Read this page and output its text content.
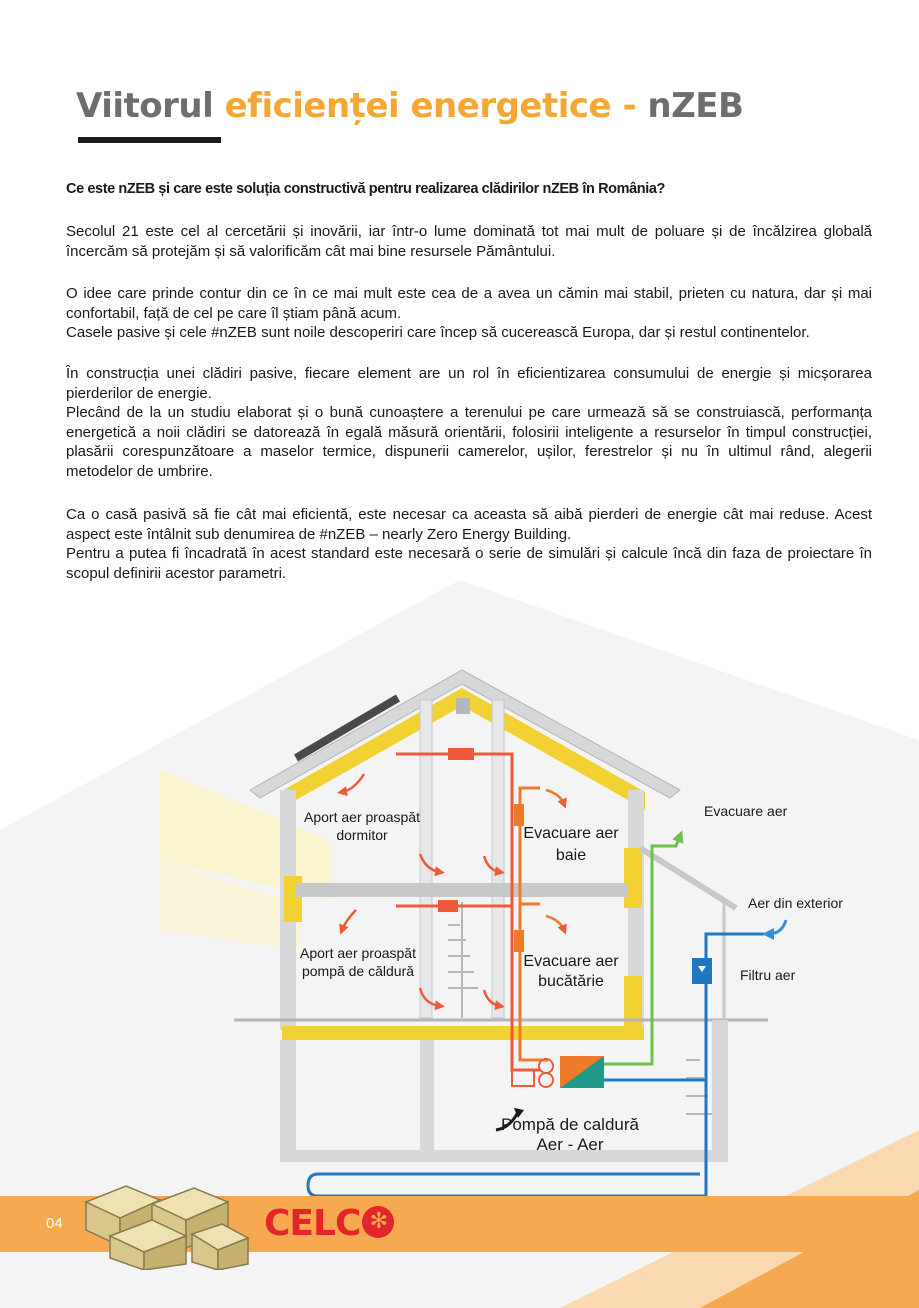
Viitorul eficienței energetice - nZEB
Ce este nZEB și care este soluția constructivă pentru realizarea clădirilor nZEB în România?

Secolul 21 este cel al cercetării și inovării, iar într-o lume dominată tot mai mult de poluare și de încălzirea globală încercăm să protejăm și să valorificăm cât mai bine resursele Pământului.

O idee care prinde contur din ce în ce mai mult este cea de a avea un cămin mai stabil, prieten cu natura, dar și mai confortabil, față de cel pe care îl știam până acum.

Casele pasive și cele #nZEB sunt noile descoperiri care încep să cucerească Europa, dar și restul continentelor.

În construcția unei clădiri pasive, fiecare element are un rol în eficientizarea consumului de energie și micșorarea pierderilor de energie.

Plecând de la un studiu elaborat și o bună cunoaștere a terenului pe care urmează să se construiască, performanța energetică a noii clădiri se datorează în egală măsură orientării, folosirii inteligente a resurselor în timpul construcției, plasării corespunzătoare a maselor termice, dispunerii camerelor, ușilor, ferestrelor și nu în ultimul rând, alegerii metodelor de umbrire.

Ca o casă pasivă să fie cât mai eficientă, este necesar ca aceasta să aibă pierderi de energie cât mai reduse. Acest aspect este întâlnit sub denumirea de #nZEB – nearly Zero Energy Building.

Pentru a putea fi încadrată în acest standard este necesară o serie de simulări și calcule încă din faza de proiectare în scopul definirii acestor parametri.

Aport aer proaspăt
dormitor	Evacuare aer
baie
Aport aer proaspăt
pompă de căldură
Evacuare aer
bucătărie
Evacuare aer
Aer din exterior
Filtru aer
Pompă de caldură
Aer - Aer
04	CELC✻
